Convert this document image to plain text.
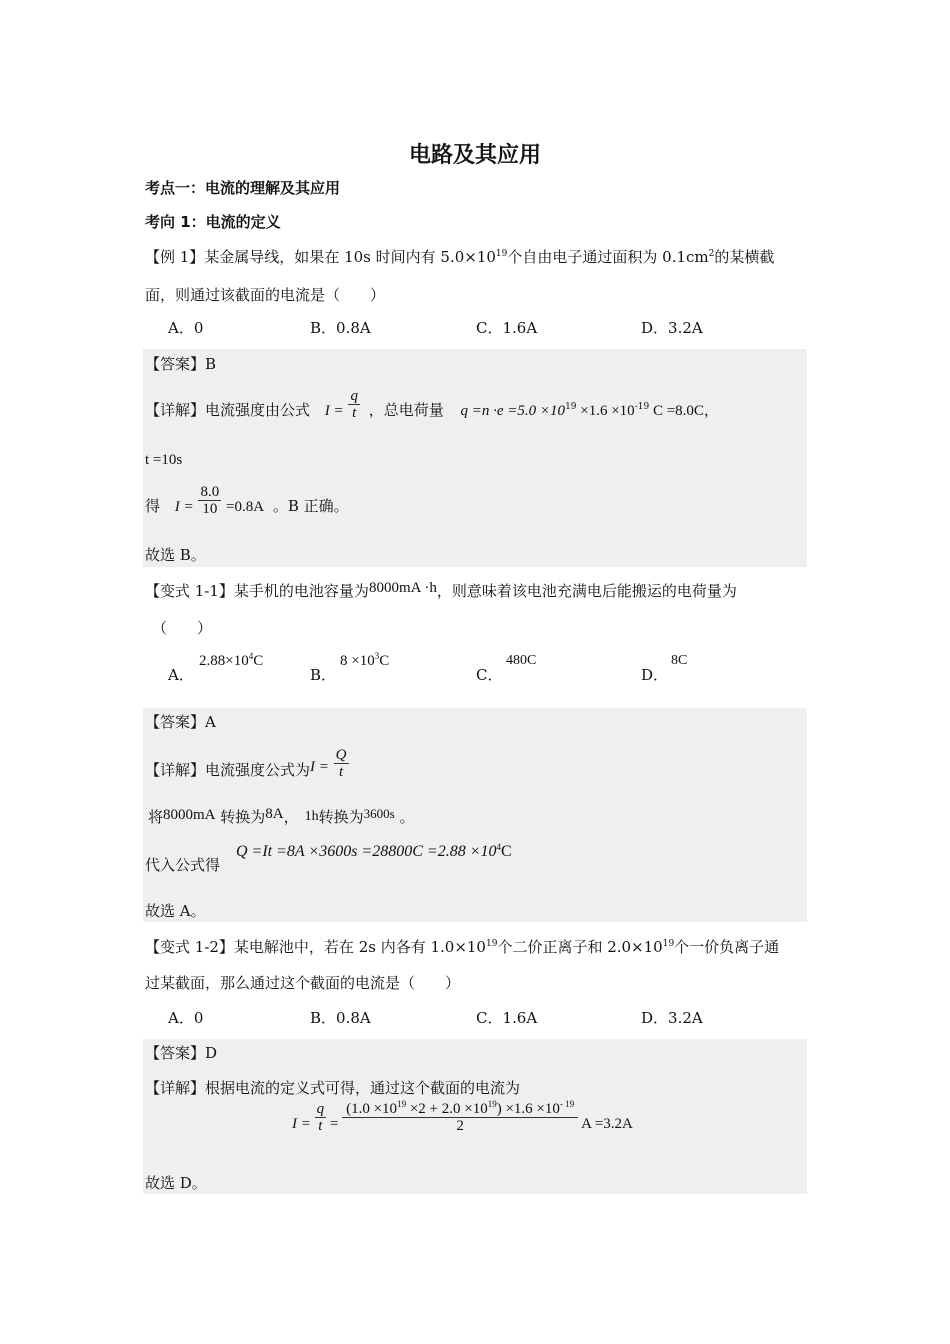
电路及其应用
考点一：电流的理解及其应用
考向 1：电流的定义
【例 1】某金属导线，如果在 10s 时间内有 $5.0\times 10^{19}$个自由电子通过面积为 $0.1cm^2$的某横截
面，则通过该截面的电流是（　　）
A．0	B．0.8A	C．1.6A	D．3.2A
【答案】B
【详解】电流强度由公式 $I = \frac{q}{t}$ ，总电荷量 $q =n \cdot e =5.0 \times 10^{19} \times 1.6 \times 10^{-19}$ C =8.0C，
t =10s
得 $I = \frac{8.0}{10} =0.8A$ 。B 正确。
故选 B。
【变式 1-1】某手机的电池容量为8000mA ·h，则意味着该电池充满电后能搬运的电荷量为
（　　）
A．
$2.88\times 10^4C$
B．
$8 \times 10^3C$
C．
480C
D．
8C
【答案】A
【详解】电流强度公式为$I = \frac{Q}{t}$
将8000mA 转换为8A， 1h转换为3600s 。
代入公式得
$Q =It =8A \times 3600s =28800C =2.88 \times 10^4C$
故选 A。
【变式 1-2】某电解池中，若在 2s 内各有 $1.0\times 10^{19}$个二价正离子和 $2.0\times 10^{19}$个一价负离子通
过某截面，那么通过这个截面的电流是（　　）
A．0	B．0.8A	C．1.6A	D．3.2A
【答案】D
【详解】根据电流的定义式可得，通过这个截面的电流为
$I = \frac{q}{t} = \frac{(1.0 \times 10^{19} \times 2 + 2.0 \times 10^{19}) \times 1.6 \times 10^{- 19}}{2}$ A =3.2A
故选 D。
